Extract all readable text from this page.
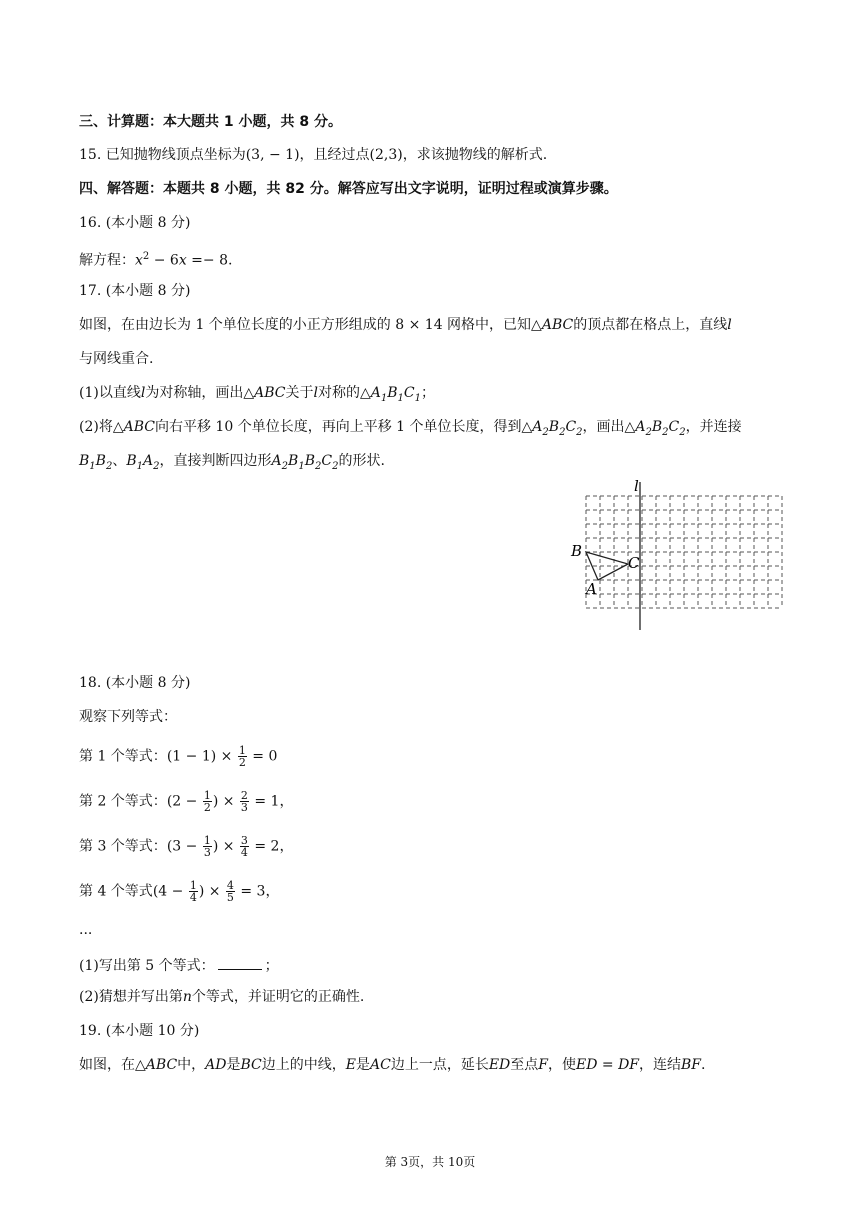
三、计算题：本大题共 1 小题，共 8 分。
15. 已知抛物线顶点坐标为(3, − 1)，且经过点(2,3)，求该抛物线的解析式.
四、解答题：本题共 8 小题，共 82 分。解答应写出文字说明，证明过程或演算步骤。
16. (本小题 8 分)
解方程：$x^2 - 6x =- 8$.
17. (本小题 8 分)
如图，在由边长为 1 个单位长度的小正方形组成的 8 × 14 网格中，已知△ABC的顶点都在格点上，直线l
与网线重合.
(1)以直线l为对称轴，画出△ABC关于l对称的$\triangle A_1B_1C_1$；
(2)将△ABC向右平移 10 个单位长度，再向上平移 1 个单位长度，得到$\triangle A_2B_2C_2$，画出$\triangle A_2B_2C_2$，并连接
$B_1B_2$、$B_1A_2$，直接判断四边形$A_2B_1B_2C_2$的形状.
l
B
C
A
18. (本小题 8 分)
观察下列等式：
第 1 个等式：$(1 - 1) \times \frac{1}{2} = 0$
第 2 个等式：($2 - \frac{1}{2}$ ) × $\frac{2}{3} = 1$，
第 3 个等式：($3 - \frac{1}{3}$ ) × $\frac{3}{4} = 2$，
第 4 个等式($4 - \frac{1}{4}$ ) × $\frac{4}{5} = 3$，
...
(1)写出第 5 个等式：	；
(2)猜想并写出第n个等式，并证明它的正确性.
19. (本小题 10 分)
如图，在△ABC中，AD是BC边上的中线，E是AC边上一点，延长ED至点F，使ED = DF，连结BF.
第 3页，共 10页
